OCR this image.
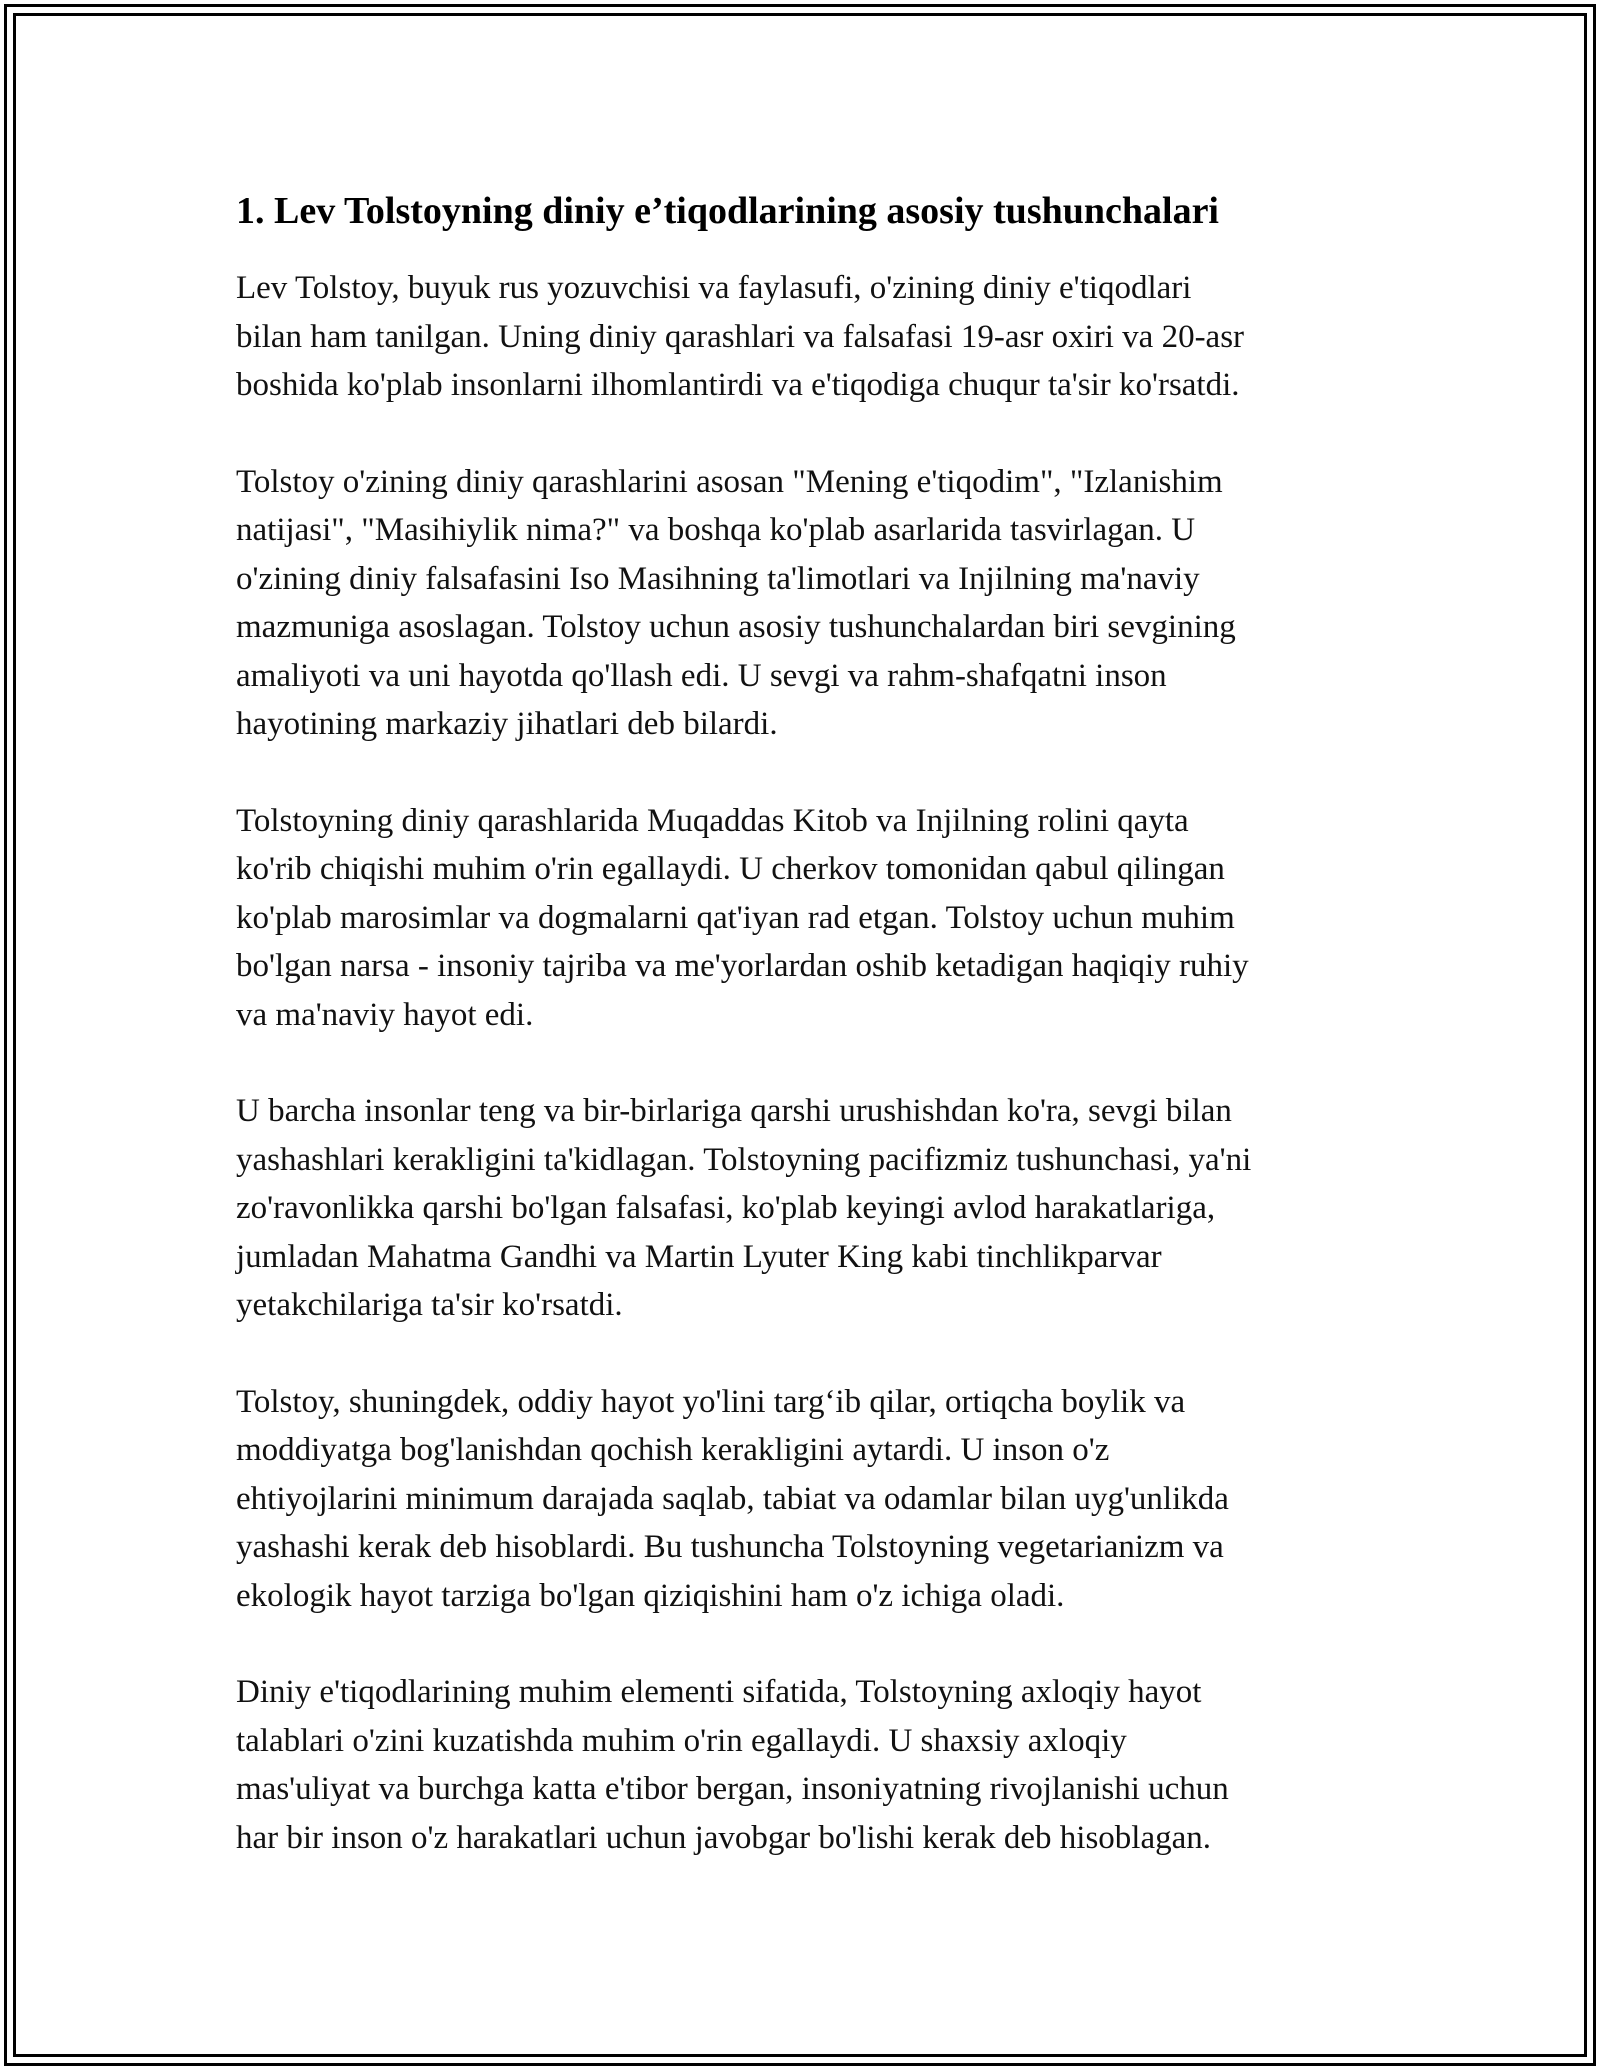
1. Lev Tolstoyning diniy e’tiqodlarining asosiy tushunchalari

Lev Tolstoy, buyuk rus yozuvchisi va faylasufi, o'zining diniy e'tiqodlari
bilan ham tanilgan. Uning diniy qarashlari va falsafasi 19-asr oxiri va 20-asr
boshida ko'plab insonlarni ilhomlantirdi va e'tiqodiga chuqur ta'sir ko'rsatdi.

Tolstoy o'zining diniy qarashlarini asosan "Mening e'tiqodim", "Izlanishim
natijasi", "Masihiylik nima?" va boshqa ko'plab asarlarida tasvirlagan. U
o'zining diniy falsafasini Iso Masihning ta'limotlari va Injilning ma'naviy
mazmuniga asoslagan. Tolstoy uchun asosiy tushunchalardan biri sevgining
amaliyoti va uni hayotda qo'llash edi. U sevgi va rahm-shafqatni inson
hayotining markaziy jihatlari deb bilardi.

Tolstoyning diniy qarashlarida Muqaddas Kitob va Injilning rolini qayta
ko'rib chiqishi muhim o'rin egallaydi. U cherkov tomonidan qabul qilingan
ko'plab marosimlar va dogmalarni qat'iyan rad etgan. Tolstoy uchun muhim
bo'lgan narsa - insoniy tajriba va me'yorlardan oshib ketadigan haqiqiy ruhiy
va ma'naviy hayot edi.

U barcha insonlar teng va bir-birlariga qarshi urushishdan ko'ra, sevgi bilan
yashashlari kerakligini ta'kidlagan. Tolstoyning pacifizmiz tushunchasi, ya'ni
zo'ravonlikka qarshi bo'lgan falsafasi, ko'plab keyingi avlod harakatlariga,
jumladan Mahatma Gandhi va Martin Lyuter King kabi tinchlikparvar
yetakchilariga ta'sir ko'rsatdi.

Tolstoy, shuningdek, oddiy hayot yo'lini targ‘ib qilar, ortiqcha boylik va
moddiyatga bog'lanishdan qochish kerakligini aytardi. U inson o'z
ehtiyojlarini minimum darajada saqlab, tabiat va odamlar bilan uyg'unlikda
yashashi kerak deb hisoblardi. Bu tushuncha Tolstoyning vegetarianizm va
ekologik hayot tarziga bo'lgan qiziqishini ham o'z ichiga oladi.

Diniy e'tiqodlarining muhim elementi sifatida, Tolstoyning axloqiy hayot
talablari o'zini kuzatishda muhim o'rin egallaydi. U shaxsiy axloqiy
mas'uliyat va burchga katta e'tibor bergan, insoniyatning rivojlanishi uchun
har bir inson o'z harakatlari uchun javobgar bo'lishi kerak deb hisoblagan.
